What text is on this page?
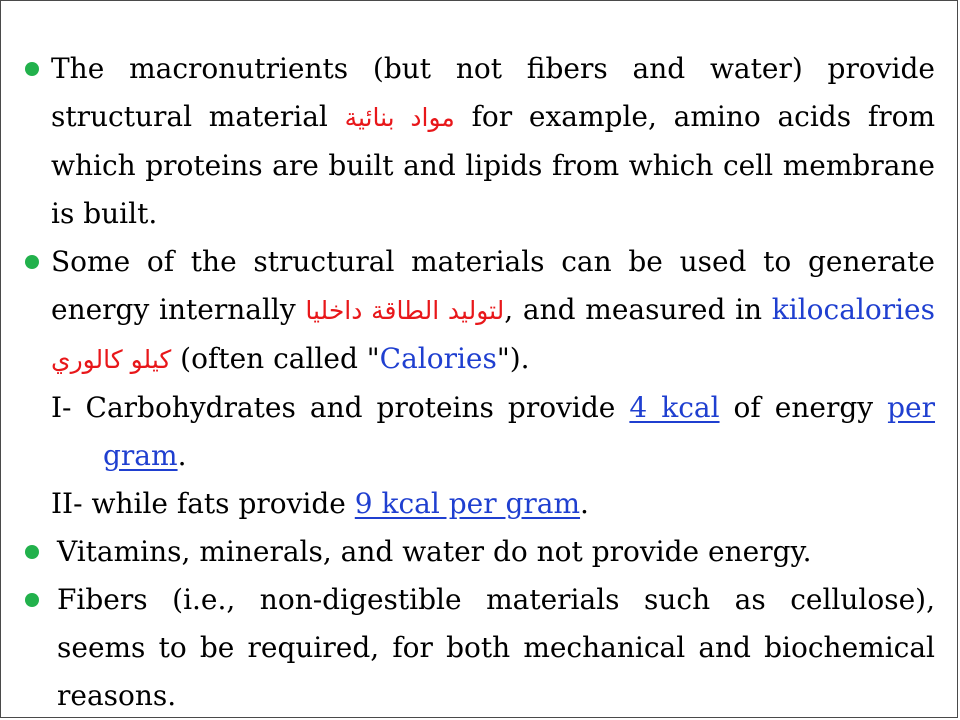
The macronutrients (but not fibers and water) provide structural material مواد بنائية for example, amino acids from which proteins are built and lipids from which cell membrane is built.

Some of the structural materials can be used to generate energy internally لتوليد الطاقة داخليا, and measured in kilocalories كيلو كالوري (often called "Calories").

I- Carbohydrates and proteins provide 4 kcal of energy per gram.

II- while fats provide 9 kcal per gram.

Vitamins, minerals, and water do not provide energy.

Fibers (i.e., non-digestible materials such as cellulose), seems to be required, for both mechanical and biochemical reasons.
